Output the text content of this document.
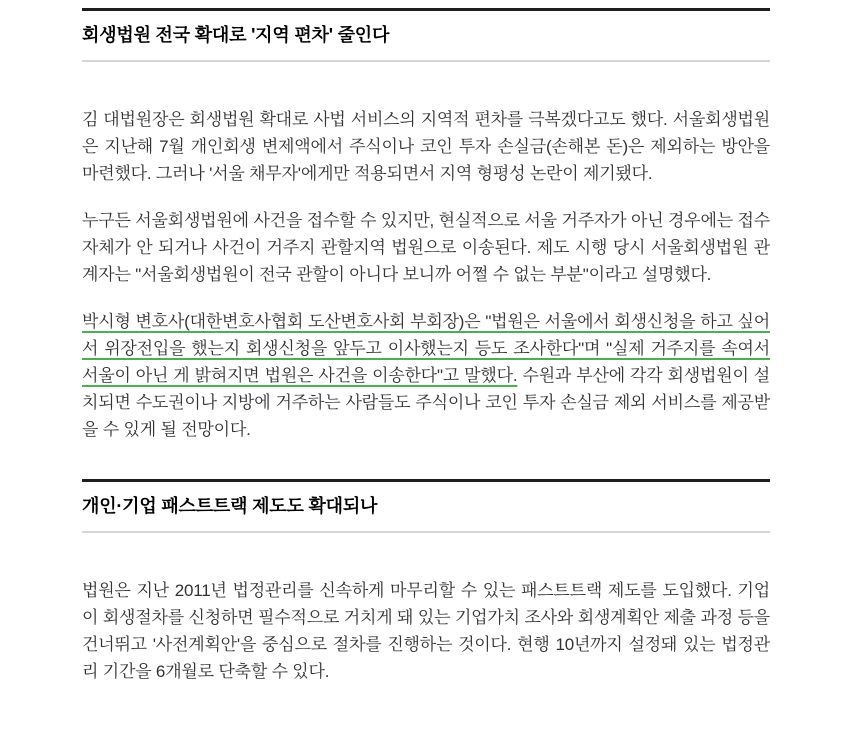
회생법원 전국 확대로 '지역 편차' 줄인다

김 대법원장은 회생법원 확대로 사법 서비스의 지역적 편차를 극복겠다고도 했다. 서울회생법원은 지난해 7월 개인회생 변제액에서 주식이나 코인 투자 손실금(손해본 돈)은 제외하는 방안을 마련했다. 그러나 '서울 채무자'에게만 적용되면서 지역 형평성 논란이 제기됐다.

누구든 서울회생법원에 사건을 접수할 수 있지만, 현실적으로 서울 거주자가 아닌 경우에는 접수 자체가 안 되거나 사건이 거주지 관할지역 법원으로 이송된다. 제도 시행 당시 서울회생법원 관계자는 "서울회생법원이 전국 관할이 아니다 보니까 어쩔 수 없는 부분"이라고 설명했다.

박시형 변호사(대한변호사협회 도산변호사회 부회장)은 "법원은 서울에서 회생신청을 하고 싶어서 위장전입을 했는지 회생신청을 앞두고 이사했는지 등도 조사한다"며 "실제 거주지를 속여서 서울이 아닌 게 밝혀지면 법원은 사건을 이송한다"고 말했다. 수원과 부산에 각각 회생법원이 설치되면 수도권이나 지방에 거주하는 사람들도 주식이나 코인 투자 손실금 제외 서비스를 제공받을 수 있게 될 전망이다.

개인·기업 패스트트랙 제도도 확대되나

법원은 지난 2011년 법정관리를 신속하게 마무리할 수 있는 패스트트랙 제도를 도입했다. 기업이 회생절차를 신청하면 필수적으로 거치게 돼 있는 기업가치 조사와 회생계획안 제출 과정 등을 건너뛰고 '사전계획안'을 중심으로 절차를 진행하는 것이다. 현행 10년까지 설정돼 있는 법정관리 기간을 6개월로 단축할 수 있다.
